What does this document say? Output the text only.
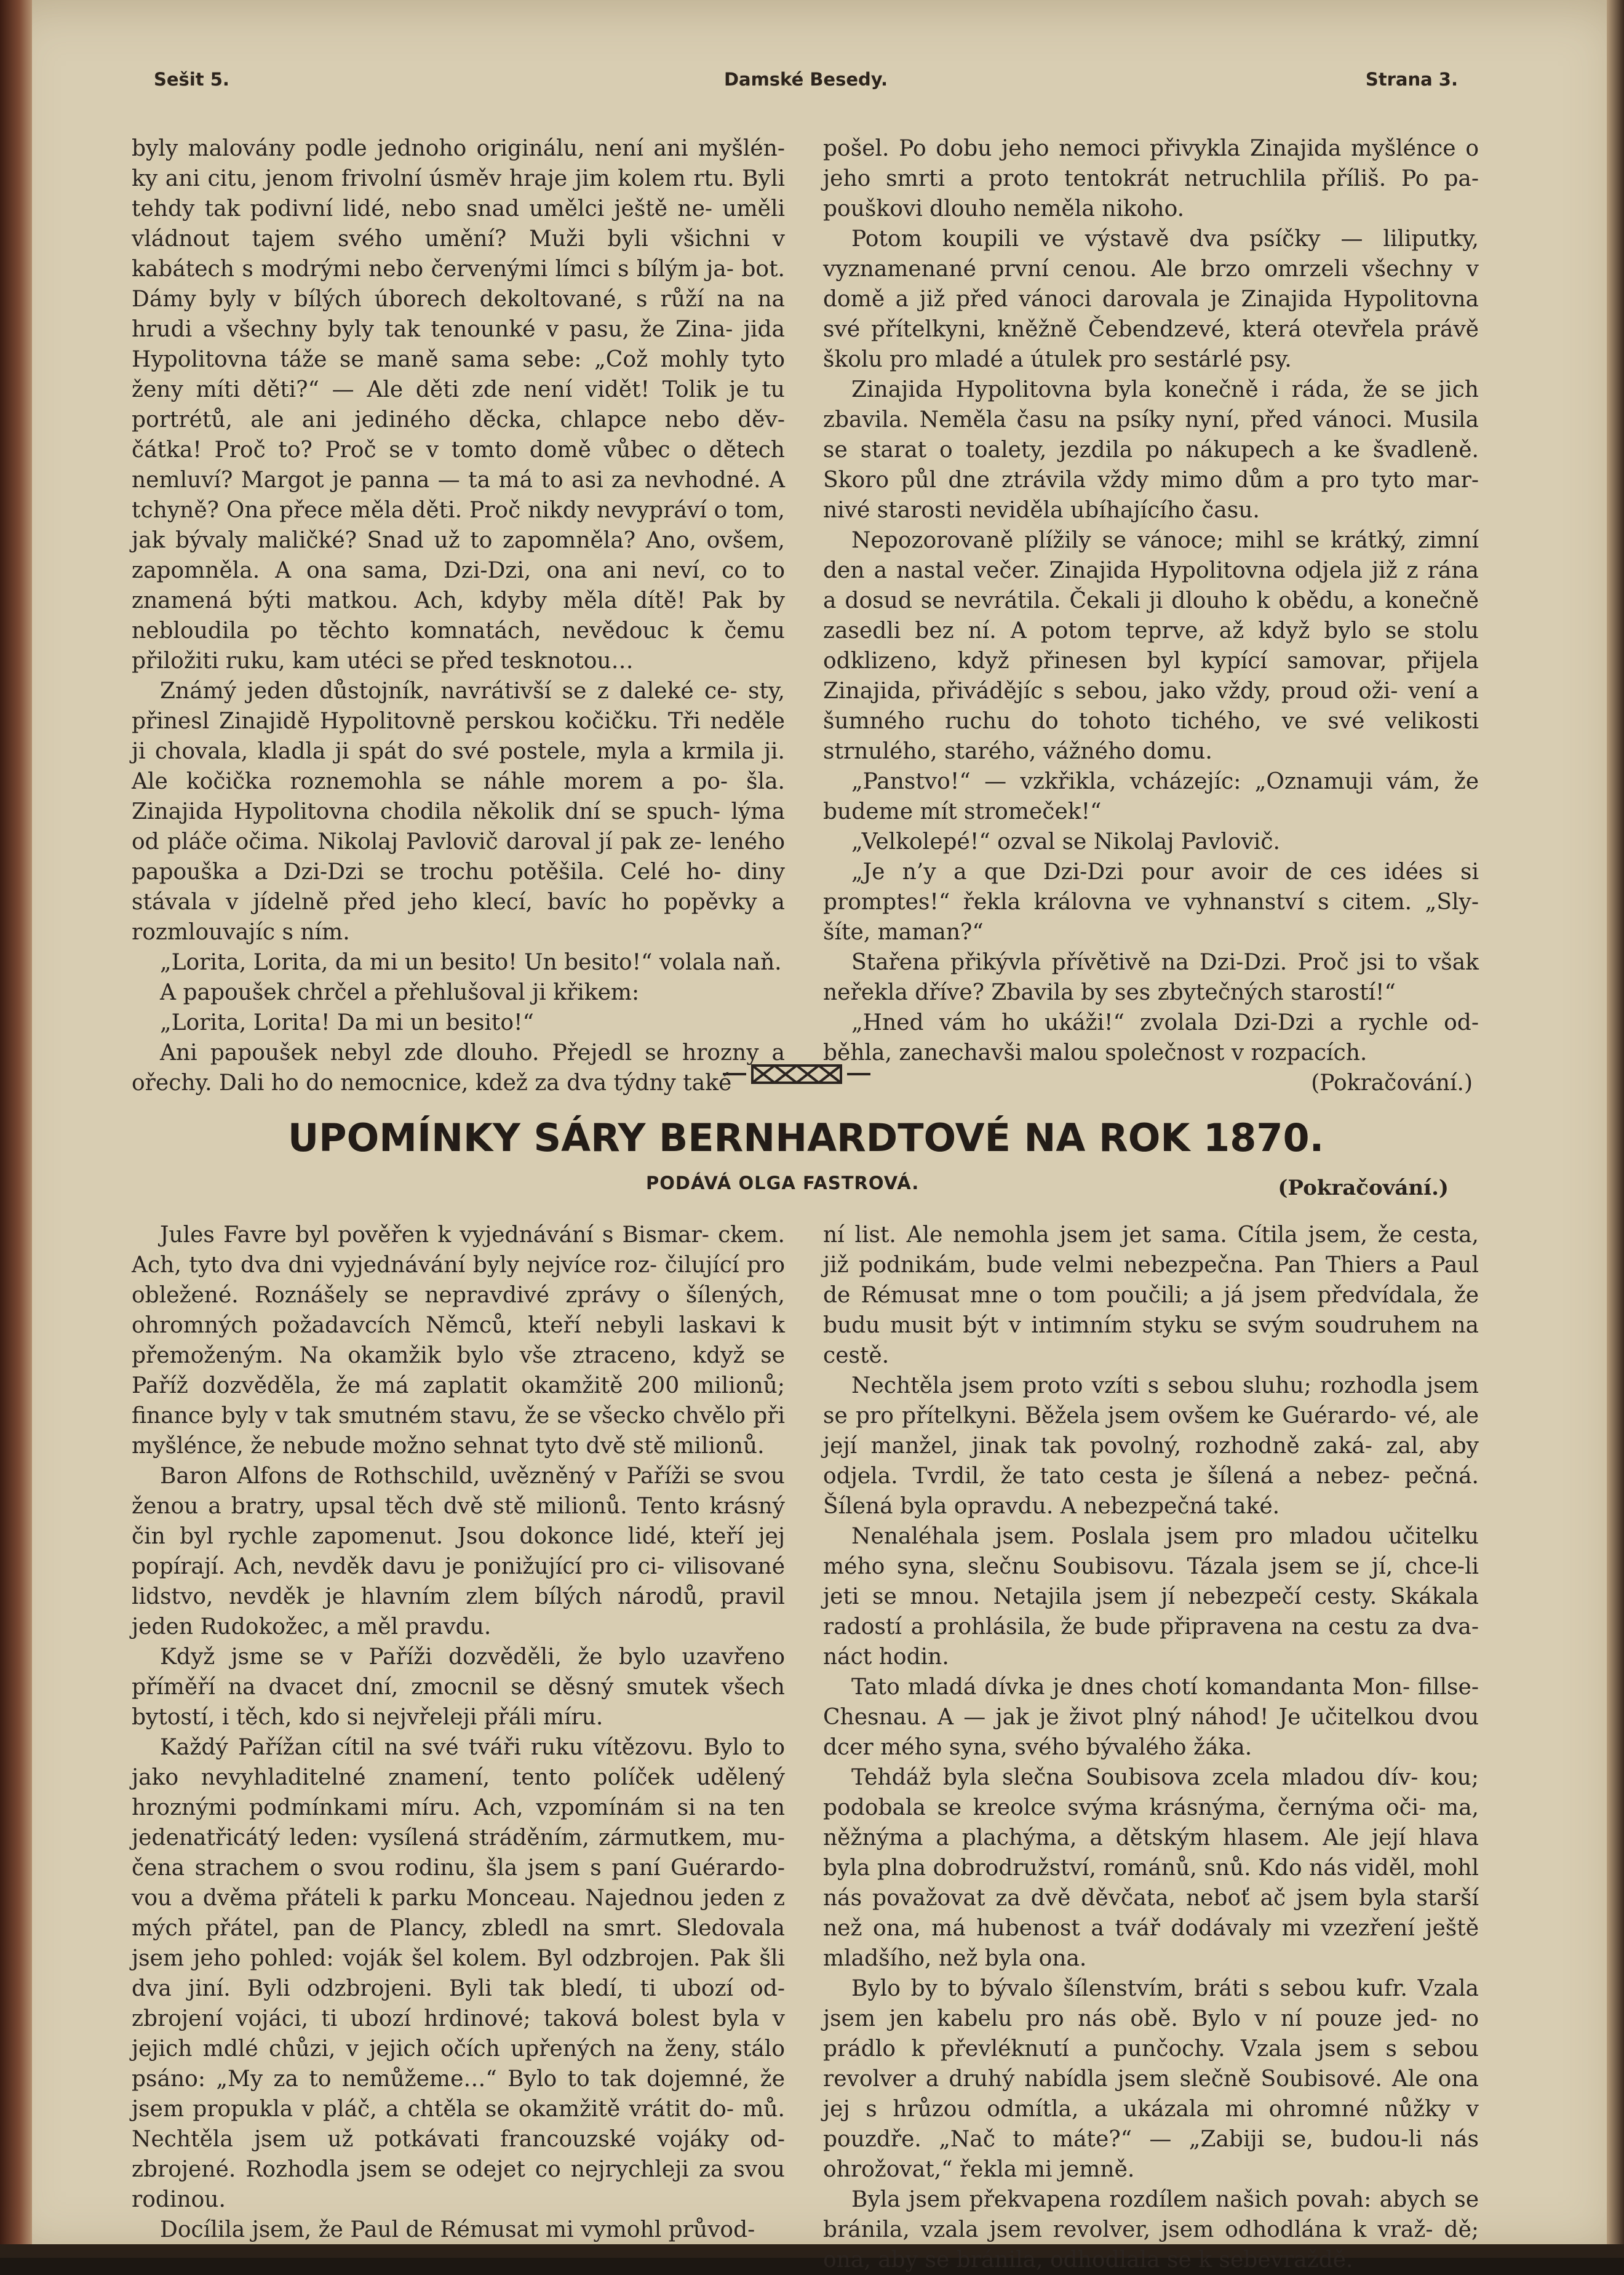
Sešit 5.	Damské Besedy.	Strana 3.

byly malovány podle jednoho originálu, není ani myšlén- ky ani citu, jenom frivolní úsměv hraje jim kolem rtu. Byli tehdy tak podivní lidé, nebo snad umělci ještě ne- uměli vládnout tajem svého umění? Muži byli všichni v kabátech s modrými nebo červenými límci s bílým ja- bot. Dámy byly v bílých úborech dekoltované, s růží na na hrudi a všechny byly tak tenounké v pasu, že Zina- jida Hypolitovna táže se maně sama sebe: „Což mohly tyto ženy míti děti?“ — Ale děti zde není vidět! Tolik je tu portrétů, ale ani jediného děcka, chlapce nebo děv- čátka! Proč to? Proč se v tomto domě vůbec o dětech nemluví? Margot je panna — ta má to asi za nevhodné. A tchyně? Ona přece měla děti. Proč nikdy nevypráví o tom, jak bývaly maličké? Snad už to zapomněla? Ano, ovšem, zapomněla. A ona sama, Dzi-Dzi, ona ani neví, co to znamená býti matkou. Ach, kdyby měla dítě! Pak by nebloudila po těchto komnatách, nevědouc k čemu přiložiti ruku, kam utéci se před tesknotou…

Známý jeden důstojník, navrátivší se z daleké ce- sty, přinesl Zinajidě Hypolitovně perskou kočičku. Tři neděle ji chovala, kladla ji spát do své postele, myla a krmila ji. Ale kočička roznemohla se náhle morem a po- šla. Zinajida Hypolitovna chodila několik dní se spuch- lýma od pláče očima. Nikolaj Pavlovič daroval jí pak ze- leného papouška a Dzi-Dzi se trochu potěšila. Celé ho- diny stávala v jídelně před jeho klecí, bavíc ho popěvky a rozmlouvajíc s ním.

„Lorita, Lorita, da mi un besito! Un besito!“ volala naň.

A papoušek chrčel a přehlušoval ji křikem:

„Lorita, Lorita! Da mi un besito!“

Ani papoušek nebyl zde dlouho. Přejedl se hrozny a ořechy. Dali ho do nemocnice, kdež za dva týdny také

pošel. Po dobu jeho nemoci přivykla Zinajida myšlénce o jeho smrti a proto tentokrát netruchlila příliš. Po pa- pouškovi dlouho neměla nikoho.

Potom koupili ve výstavě dva psíčky — liliputky, vyznamenané první cenou. Ale brzo omrzeli všechny v domě a již před vánoci darovala je Zinajida Hypolitovna své přítelkyni, kněžně Čebendzevé, která otevřela právě školu pro mladé a útulek pro sestárlé psy.

Zinajida Hypolitovna byla konečně i ráda, že se jich zbavila. Neměla času na psíky nyní, před vánoci. Musila se starat o toalety, jezdila po nákupech a ke švadleně. Skoro půl dne ztrávila vždy mimo dům a pro tyto mar- nivé starosti neviděla ubíhajícího času.

Nepozorovaně plížily se vánoce; mihl se krátký, zimní den a nastal večer. Zinajida Hypolitovna odjela již z rána a dosud se nevrátila. Čekali ji dlouho k obědu, a konečně zasedli bez ní. A potom teprve, až když bylo se stolu odklizeno, když přinesen byl kypící samovar, přijela Zinajida, přivádějíc s sebou, jako vždy, proud oži- vení a šumného ruchu do tohoto tichého, ve své velikosti strnulého, starého, vážného domu.

„Panstvo!“ — vzkřikla, vcházejíc: „Oznamuji vám, že budeme mít stromeček!“

„Velkolepé!“ ozval se Nikolaj Pavlovič.

„Je n’y a que Dzi-Dzi pour avoir de ces idées si promptes!“ řekla královna ve vyhnanství s citem. „Sly- šíte, maman?“

Stařena přikývla přívětivě na Dzi-Dzi. Proč jsi to však neřekla dříve? Zbavila by ses zbytečných starostí!“

„Hned vám ho ukáži!“ zvolala Dzi-Dzi a rychle od- běhla, zanechavši malou společnost v rozpacích.

(Pokračování.)

UPOMÍNKY SÁRY BERNHARDTOVÉ NA ROK 1870.
PODÁVÁ OLGA FASTROVÁ.	(Pokračování.)

Jules Favre byl pověřen k vyjednávání s Bismar- ckem. Ach, tyto dva dni vyjednávání byly nejvíce roz- čilující pro obležené. Roznášely se nepravdivé zprávy o šílených, ohromných požadavcích Němců, kteří nebyli laskavi k přemoženým. Na okamžik bylo vše ztraceno, když se Paříž dozvěděla, že má zaplatit okamžitě 200 milionů; finance byly v tak smutném stavu, že se všecko chvělo při myšlénce, že nebude možno sehnat tyto dvě stě milionů.

Baron Alfons de Rothschild, uvězněný v Paříži se svou ženou a bratry, upsal těch dvě stě milionů. Tento krásný čin byl rychle zapomenut. Jsou dokonce lidé, kteří jej popírají. Ach, nevděk davu je ponižující pro ci- vilisované lidstvo, nevděk je hlavním zlem bílých národů, pravil jeden Rudokožec, a měl pravdu.

Když jsme se v Paříži dozvěděli, že bylo uzavřeno příměří na dvacet dní, zmocnil se děsný smutek všech bytostí, i těch, kdo si nejvřeleji přáli míru.

Každý Pařížan cítil na své tváři ruku vítězovu. Bylo to jako nevyhladitelné znamení, tento políček udělený hroznými podmínkami míru. Ach, vzpomínám si na ten jedenatřicátý leden: vysílená stráděním, zármutkem, mu- čena strachem o svou rodinu, šla jsem s paní Guérardo- vou a dvěma přáteli k parku Monceau. Najednou jeden z mých přátel, pan de Plancy, zbledl na smrt. Sledovala jsem jeho pohled: voják šel kolem. Byl odzbrojen. Pak šli dva jiní. Byli odzbrojeni. Byli tak bledí, ti ubozí od- zbrojení vojáci, ti ubozí hrdinové; taková bolest byla v jejich mdlé chůzi, v jejich očích upřených na ženy, stálo psáno: „My za to nemůžeme…“ Bylo to tak dojemné, že jsem propukla v pláč, a chtěla se okamžitě vrátit do- mů. Nechtěla jsem už potkávati francouzské vojáky od- zbrojené. Rozhodla jsem se odejet co nejrychleji za svou rodinou.

Docílila jsem, že Paul de Rémusat mi vymohl průvod-

ní list. Ale nemohla jsem jet sama. Cítila jsem, že cesta, již podnikám, bude velmi nebezpečna. Pan Thiers a Paul de Rémusat mne o tom poučili; a já jsem předvídala, že budu musit být v intimním styku se svým soudruhem na cestě.

Nechtěla jsem proto vzíti s sebou sluhu; rozhodla jsem se pro přítelkyni. Běžela jsem ovšem ke Guérardo- vé, ale její manžel, jinak tak povolný, rozhodně zaká- zal, aby odjela. Tvrdil, že tato cesta je šílená a nebez- pečná. Šílená byla opravdu. A nebezpečná také.

Nenaléhala jsem. Poslala jsem pro mladou učitelku mého syna, slečnu Soubisovu. Tázala jsem se jí, chce-li jeti se mnou. Netajila jsem jí nebezpečí cesty. Skákala radostí a prohlásila, že bude připravena na cestu za dva- náct hodin.

Tato mladá dívka je dnes chotí komandanta Mon- fillse-Chesnau. A — jak je život plný náhod! Je učitelkou dvou dcer mého syna, svého bývalého žáka.

Tehdáž byla slečna Soubisova zcela mladou dív- kou; podobala se kreolce svýma krásnýma, černýma oči- ma, něžnýma a plachýma, a dětským hlasem. Ale její hlava byla plna dobrodružství, románů, snů. Kdo nás viděl, mohl nás považovat za dvě děvčata, neboť ač jsem byla starší než ona, má hubenost a tvář dodávaly mi vzezření ještě mladšího, než byla ona.

Bylo by to bývalo šílenstvím, bráti s sebou kufr. Vzala jsem jen kabelu pro nás obě. Bylo v ní pouze jed- no prádlo k převléknutí a punčochy. Vzala jsem s sebou revolver a druhý nabídla jsem slečně Soubisové. Ale ona jej s hrůzou odmítla, a ukázala mi ohromné nůžky v pouzdře. „Nač to máte?“ — „Zabiji se, budou-li nás ohrožovat,“ řekla mi jemně.

Byla jsem překvapena rozdílem našich povah: abych se bránila, vzala jsem revolver, jsem odhodlána k vraž- dě; ona, aby se bránila, odhodlala se k sebevraždě.
